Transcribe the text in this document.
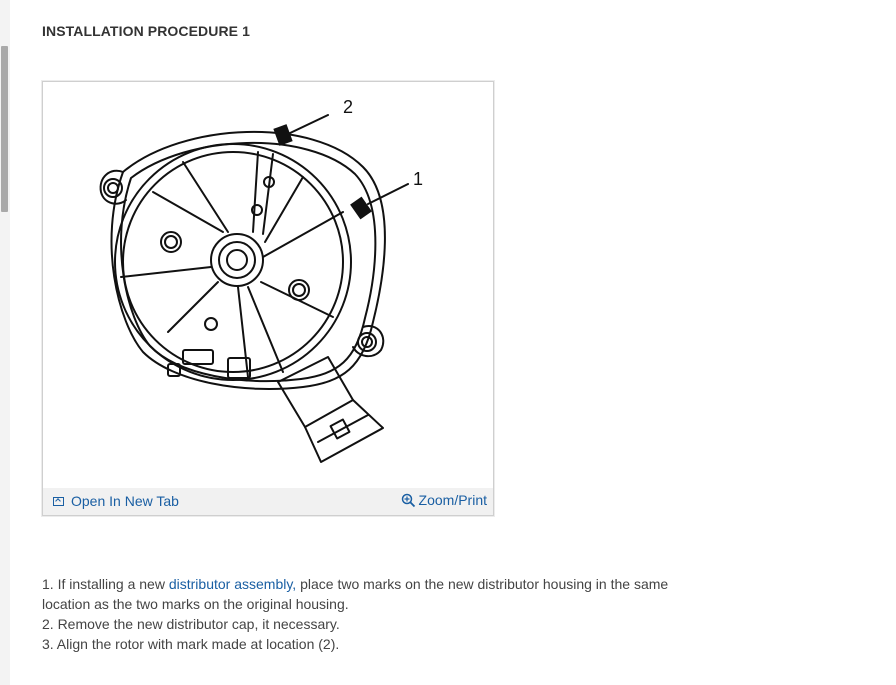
INSTALLATION PROCEDURE 1
2
1
Open In New Tab	Zoom/Print

1. If installing a new distributor assembly, place two marks on the new distributor housing in the same location as the two marks on the original housing.

2. Remove the new distributor cap, it necessary.

3. Align the rotor with mark made at location (2).
